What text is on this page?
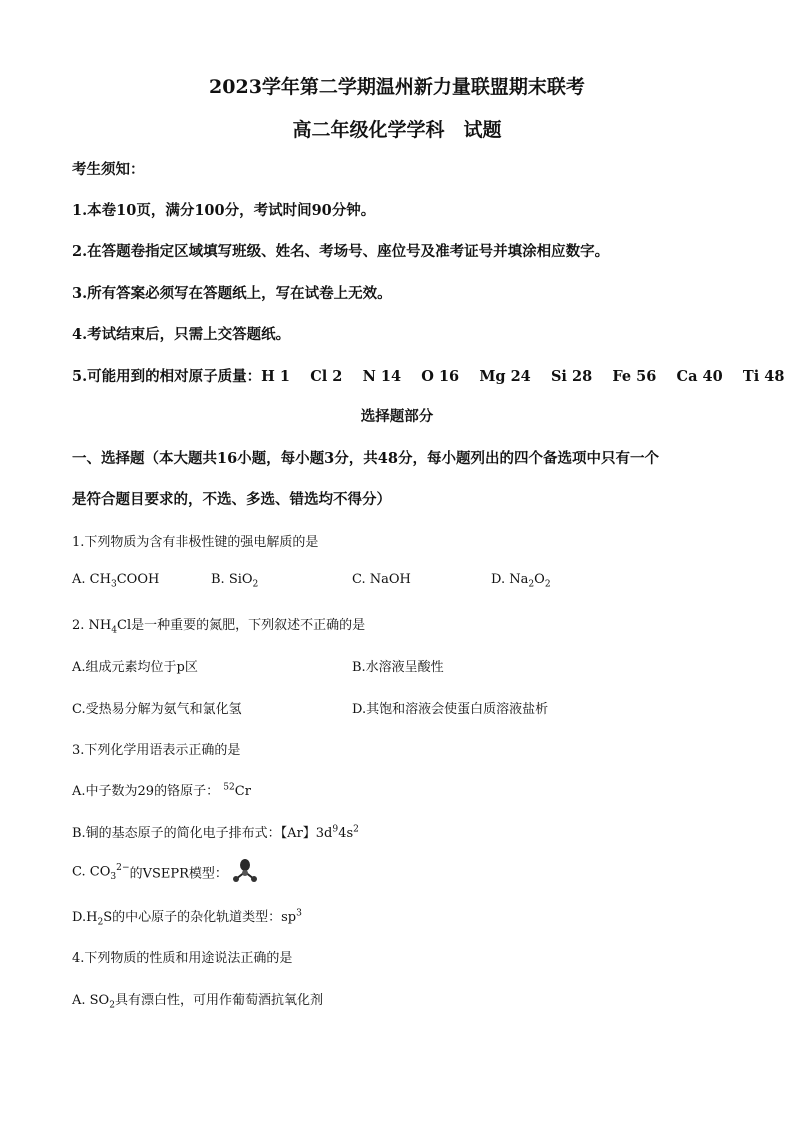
2023学年第二学期温州新力量联盟期末联考
高二年级化学学科　试题
考生须知：
1.本卷10页，满分100分，考试时间90分钟。
2.在答题卷指定区域填写班级、姓名、考场号、座位号及准考证号并填涂相应数字。
3.所有答案必须写在答题纸上，写在试卷上无效。
4.考试结束后，只需上交答题纸。
5.可能用到的相对原子质量：H 1 Cl 2 N 14 O 16 Mg 24 Si 28 Fe 56 Ca 40 Ti 48
选择题部分
一、选择题（本大题共16小题，每小题3分，共48分，每小题列出的四个备选项中只有一个
是符合题目要求的，不选、多选、错选均不得分）
1.下列物质为含有非极性键的强电解质的是
A. $CH_3COOH$	B. SiO$_2$	C. NaOH	D. $Na_2O_2$
2. $NH_4Cl$是一种重要的氮肥，下列叙述不正确的是
A.组成元素均位于p区	B.水溶液呈酸性
C.受热易分解为氨气和氯化氢	D.其饱和溶液会使蛋白质溶液盐析
3.下列化学用语表示正确的是
A.中子数为29的铬原子： $^{52}$Cr
B.铜的基态原子的简化电子排布式：【Ar】$3d^94s^2$
C. $CO_3^{2-}$的VSEPR模型：
$D.H_2S$的中心原子的杂化轨道类型：$sp^3$
4.下列物质的性质和用途说法正确的是
A. $SO_2$具有漂白性，可用作葡萄酒抗氧化剂
